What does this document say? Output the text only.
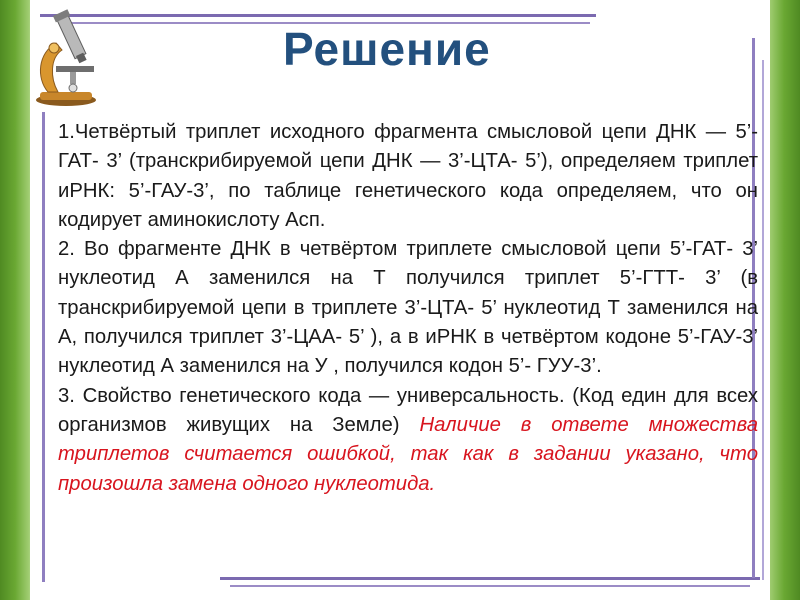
Решение

1.Четвёртый триплет исходного фрагмента смысловой цепи ДНК — 5’-ГАТ- 3’ (транскрибируемой цепи ДНК — 3’-ЦТА- 5’), определяем триплет иРНК: 5’-ГАУ-3’, по таблице генетического кода определяем, что он кодирует аминокислоту Асп.

2. Во фрагменте ДНК в четвёртом триплете смысловой цепи 5’-ГАТ- 3’ нуклеотид А заменился на Т получился триплет 5’-ГТТ- 3’ (в транскрибируемой цепи в триплете 3’-ЦТА- 5’ нуклеотид Т заменился на А, получился триплет 3’-ЦАА- 5’ ), а в иРНК в четвёртом кодоне 5’-ГАУ-3’ нуклеотид А заменился на У , получился кодон 5’- ГУУ-3’.

3. Свойство генетического кода — универсальность. (Код един для всех организмов живущих на Земле) Наличие в ответе множества триплетов считается ошибкой, так как в задании указано, что произошла замена одного нуклеотида.
